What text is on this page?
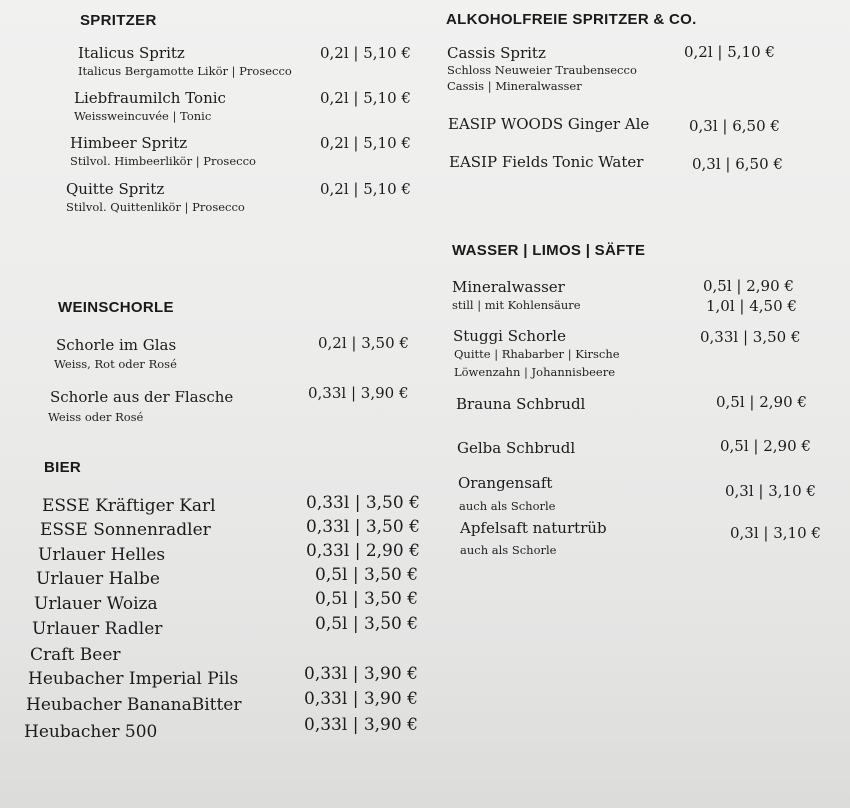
SPRITZER
Italicus Spritz
Italicus Bergamotte Likör | Prosecco
0,2l | 5,10 €
Liebfraumilch Tonic
Weissweincuvée | Tonic
0,2l | 5,10 €
Himbeer Spritz
Stilvol. Himbeerlikör | Prosecco
0,2l | 5,10 €
Quitte Spritz
Stilvol. Quittenlikör | Prosecco
0,2l | 5,10 €
WEINSCHORLE
Schorle im Glas
Weiss, Rot oder Rosé
0,2l | 3,50 €
Schorle aus der Flasche
Weiss oder Rosé
0,33l | 3,90 €
BIER
ESSE Kräftiger Karl	0,33l | 3,50 €
ESSE Sonnenradler	0,33l | 3,50 €
Urlauer Helles	0,33l | 2,90 €
Urlauer Halbe	0,5l | 3,50 €
Urlauer Woiza	0,5l | 3,50 €
Urlauer Radler	0,5l | 3,50 €
Craft Beer
Heubacher Imperial Pils	0,33l | 3,90 €
Heubacher BananaBitter	0,33l | 3,90 €
Heubacher 500	0,33l | 3,90 €
ALKOHOLFREIE SPRITZER & CO.
Cassis Spritz
Schloss Neuweier Traubensecco
Cassis | Mineralwasser
0,2l | 5,10 €
EASIP WOODS Ginger Ale	0,3l | 6,50 €
EASIP Fields Tonic Water	0,3l | 6,50 €
WASSER | LIMOS | SÄFTE
Mineralwasser
still | mit Kohlensäure
0,5l | 2,90 €
1,0l | 4,50 €
Stuggi Schorle
Quitte | Rhabarber | Kirsche
Löwenzahn | Johannisbeere
0,33l | 3,50 €
Brauna Schbrudl	0,5l | 2,90 €
Gelba Schbrudl	0,5l | 2,90 €
Orangensaft
auch als Schorle
0,3l | 3,10 €
Apfelsaft naturtrüb
auch als Schorle
0,3l | 3,10 €
